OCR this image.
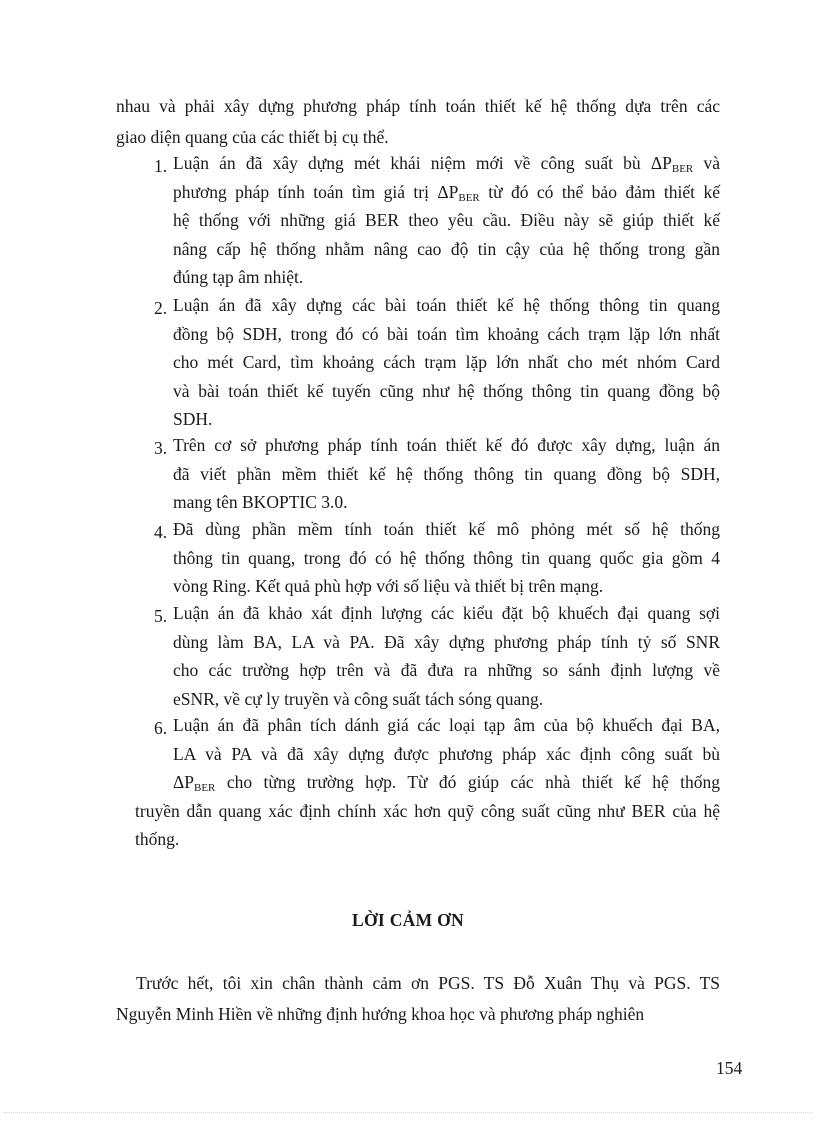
nhau và phải xây dựng phương pháp tính toán thiết kế hệ thống dựa trên các
giao diện quang của các thiết bị cụ thể.
1. Luận án đã xây dựng mét khái niệm mới về công suất bù $\Delta P_{BER}$ và
phương pháp tính toán tìm giá trị $\Delta P_{BER}$ từ đó có thể bảo đảm thiết kế
hệ thống với những giá BER theo yêu cầu. Điều này sẽ giúp thiết kế
nâng cấp hệ thống nhằm nâng cao độ tin cậy của hệ thống trong gần
đúng tạp âm nhiệt.
2. Luận án đã xây dựng các bài toán thiết kế hệ thống thông tin quang
đồng bộ SDH, trong đó có bài toán tìm khoảng cách trạm lặp lớn nhất
cho mét Card, tìm khoảng cách trạm lặp lớn nhất cho mét nhóm Card
và bài toán thiết kế tuyến cũng như hệ thống thông tin quang đồng bộ
SDH.
3. Trên cơ sở phương pháp tính toán thiết kế đó được xây dựng, luận án
đã viết phần mềm thiết kế hệ thống thông tin quang đồng bộ SDH,
mang tên BKOPTIC 3.0.
4. Đã dùng phần mềm tính toán thiết kế mô phỏng mét số hệ thống
thông tin quang, trong đó có hệ thống thông tin quang quốc gia gồm 4
vòng Ring. Kết quả phù hợp với số liệu và thiết bị trên mạng.
5. Luận án đã khảo xát định lượng các kiểu đặt bộ khuếch đại quang sợi
dùng làm BA, LA và PA. Đã xây dựng phương pháp tính tỷ số SNR
cho các trường hợp trên và đã đưa ra những so sánh định lượng về
eSNR, về cự ly truyền và công suất tách sóng quang.
6. Luận án đã phân tích dánh giá các loại tạp âm của bộ khuếch đại BA,
LA và PA và đã xây dựng được phương pháp xác định công suất bù
$\Delta P_{BER}$ cho từng trường hợp. Từ đó giúp các nhà thiết kế hệ thống
truyền dẫn quang xác định chính xác hơn quỹ công suất cũng như BER của hệ
thống.
LỜI CẢM ƠN
Trước hết, tôi xin chân thành cảm ơn PGS. TS Đỗ Xuân Thụ và PGS. TS
Nguyễn Minh Hiền về những định hướng khoa học và phương pháp nghiên
154
